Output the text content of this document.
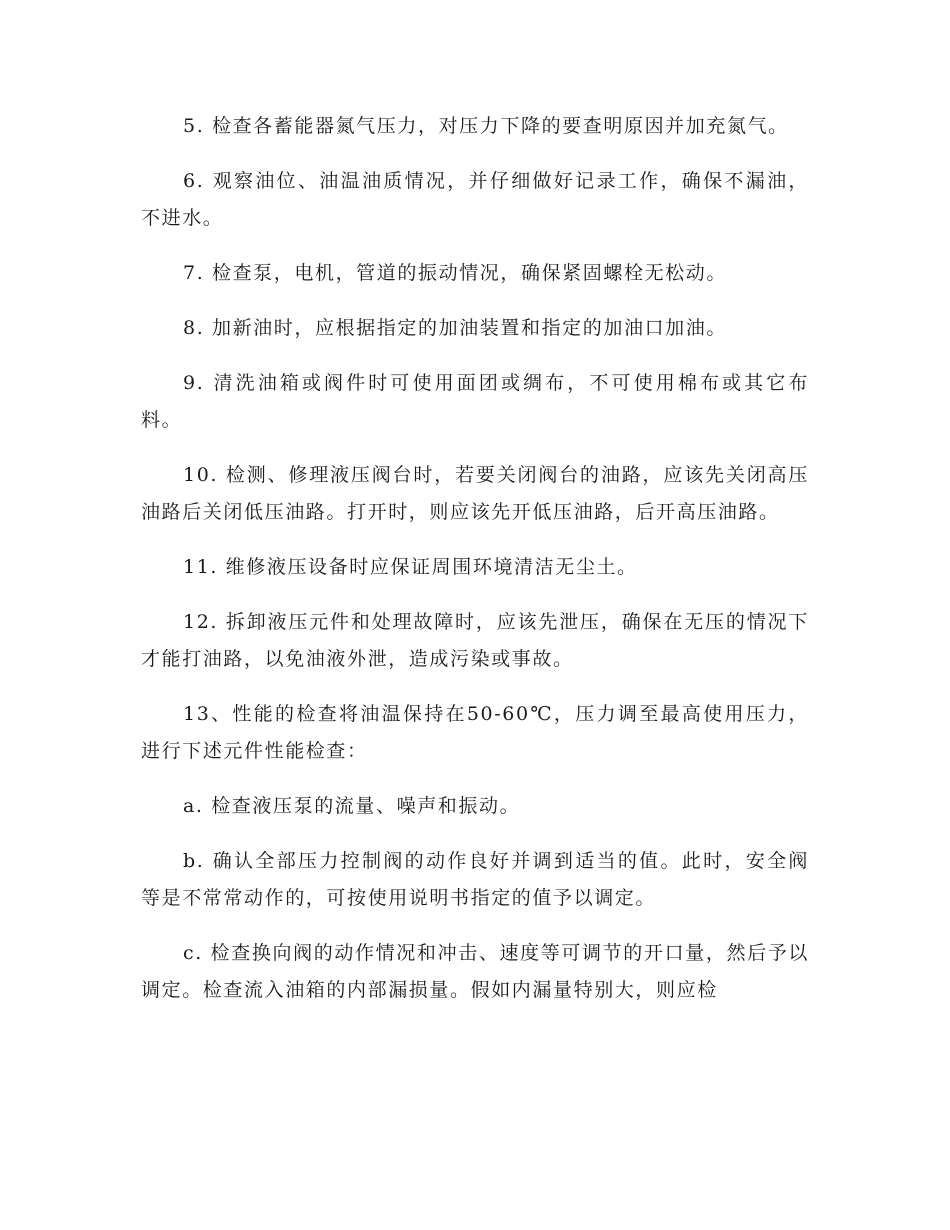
5. 检查各蓄能器氮气压力，对压力下降的要查明原因并加充氮气。

6. 观察油位、油温油质情况，并仔细做好记录工作，确保不漏油，不进水。

7. 检查泵，电机，管道的振动情况，确保紧固螺栓无松动。

8. 加新油时，应根据指定的加油装置和指定的加油口加油。

9. 清洗油箱或阀件时可使用面团或绸布，不可使用棉布或其它布料。

10. 检测、修理液压阀台时，若要关闭阀台的油路，应该先关闭高压油路后关闭低压油路。打开时，则应该先开低压油路，后开高压油路。

11. 维修液压设备时应保证周围环境清洁无尘土。

12. 拆卸液压元件和处理故障时，应该先泄压，确保在无压的情况下才能打油路，以免油液外泄，造成污染或事故。

13、性能的检查将油温保持在50-60℃，压力调至最高使用压力，进行下述元件性能检查：

a. 检查液压泵的流量、噪声和振动。

b. 确认全部压力控制阀的动作良好并调到适当的值。此时，安全阀等是不常常动作的，可按使用说明书指定的值予以调定。

c. 检查换向阀的动作情况和冲击、速度等可调节的开口量，然后予以调定。检查流入油箱的内部漏损量。假如内漏量特别大，则应检
